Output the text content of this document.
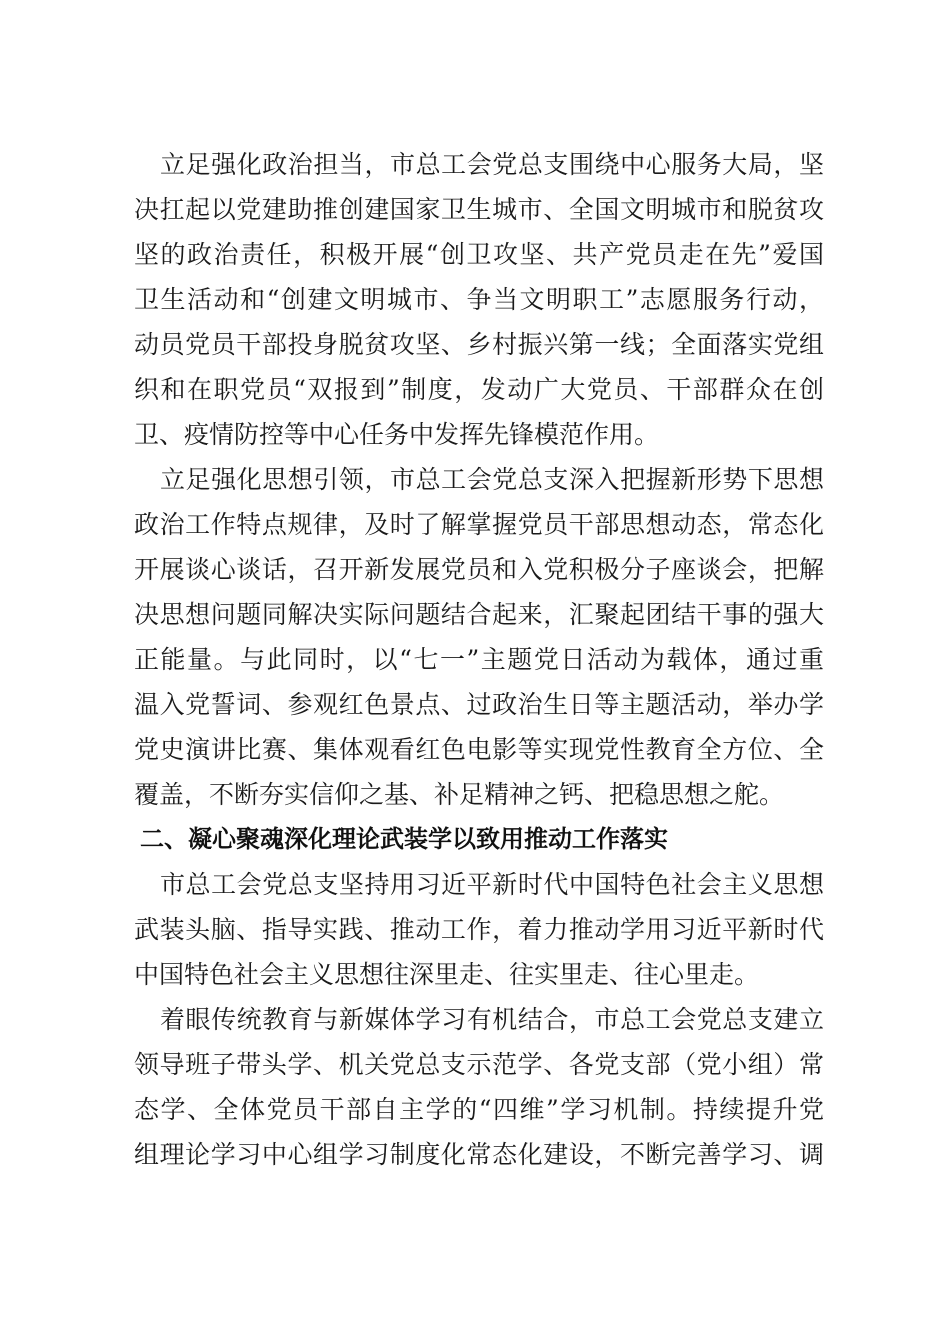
立足强化政治担当，市总工会党总支围绕中心服务大局，坚
决扛起以党建助推创建国家卫生城市、全国文明城市和脱贫攻
坚的政治责任，积极开展“创卫攻坚、共产党员走在先”爱国
卫生活动和“创建文明城市、争当文明职工”志愿服务行动，
动员党员干部投身脱贫攻坚、乡村振兴第一线；全面落实党组
织和在职党员“双报到”制度，发动广大党员、干部群众在创
卫、疫情防控等中心任务中发挥先锋模范作用。
立足强化思想引领，市总工会党总支深入把握新形势下思想
政治工作特点规律，及时了解掌握党员干部思想动态，常态化
开展谈心谈话，召开新发展党员和入党积极分子座谈会，把解
决思想问题同解决实际问题结合起来，汇聚起团结干事的强大
正能量。与此同时，以“七一”主题党日活动为载体，通过重
温入党誓词、参观红色景点、过政治生日等主题活动，举办学
党史演讲比赛、集体观看红色电影等实现党性教育全方位、全
覆盖，不断夯实信仰之基、补足精神之钙、把稳思想之舵。
二、凝心聚魂深化理论武装学以致用推动工作落实
市总工会党总支坚持用习近平新时代中国特色社会主义思想
武装头脑、指导实践、推动工作，着力推动学用习近平新时代
中国特色社会主义思想往深里走、往实里走、往心里走。
着眼传统教育与新媒体学习有机结合，市总工会党总支建立
领导班子带头学、机关党总支示范学、各党支部（党小组）常
态学、全体党员干部自主学的“四维”学习机制。持续提升党
组理论学习中心组学习制度化常态化建设，不断完善学习、调
